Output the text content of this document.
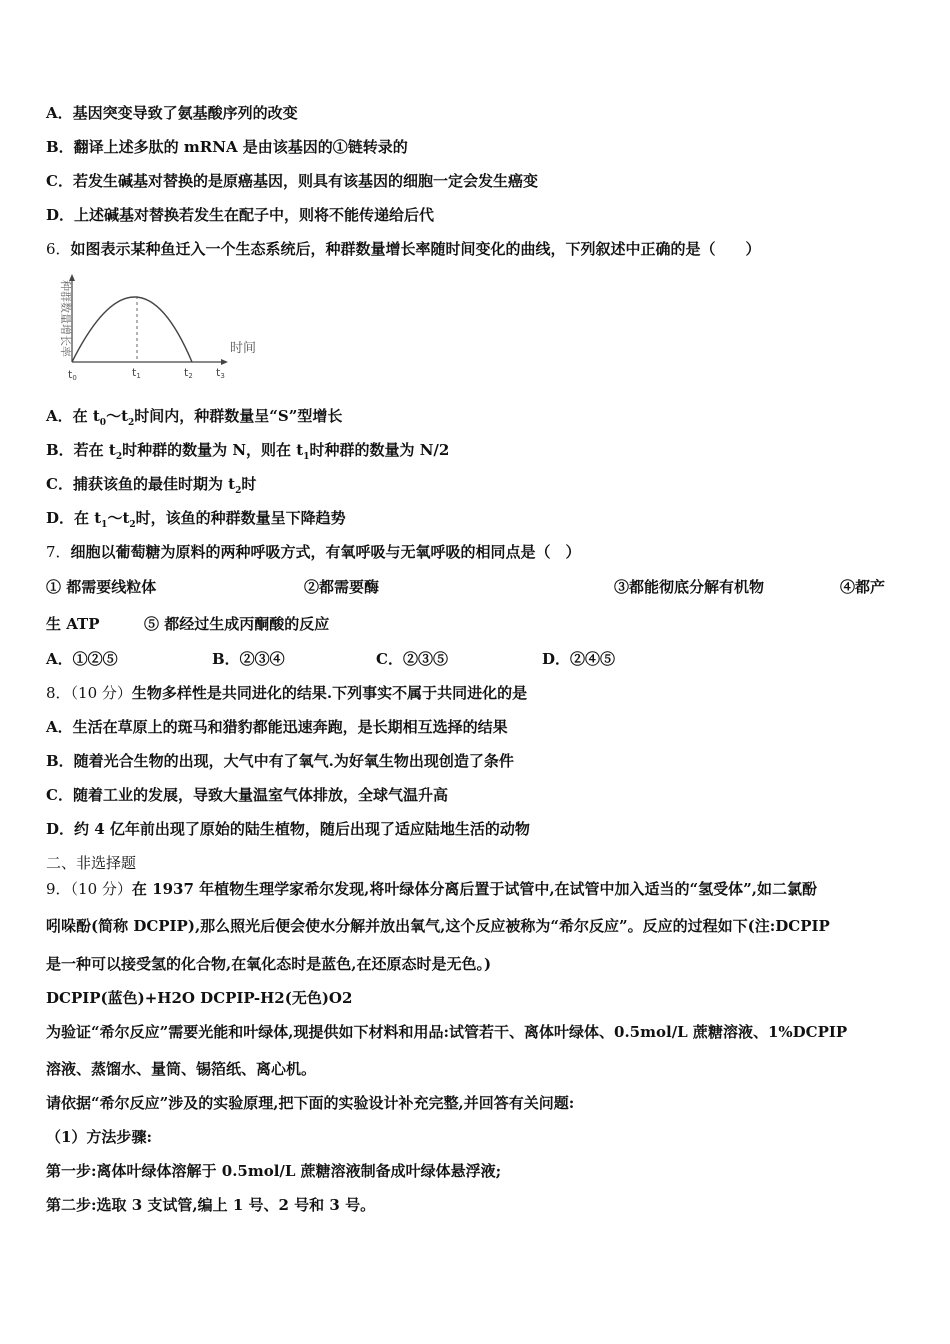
A．基因突变导致了氨基酸序列的改变
B．翻译上述多肽的 mRNA 是由该基因的①链转录的
C．若发生碱基对替换的是原癌基因，则具有该基因的细胞一定会发生癌变
D．上述碱基对替换若发生在配子中，则将不能传递给后代
6．如图表示某种鱼迁入一个生态系统后，种群数量增长率随时间变化的曲线，下列叙述中正确的是（　　）
种群数量增长率	时间
t0	t1	t2 t3
A．在 $t_0\sim t_2$时间内，种群数量呈“S”型增长
B．若在 $t_2$时种群的数量为 N，则在 $t_1$时种群的数量为 N/2
C．捕获该鱼的最佳时期为 $t_2$时
D．在 $t_1\sim t_2$时，该鱼的种群数量呈下降趋势
7．细胞以葡萄糖为原料的两种呼吸方式，有氧呼吸与无氧呼吸的相同点是（　）
① 都需要线粒体	②都需要酶	③都能彻底分解有机物	④都产
生 ATP	⑤ 都经过生成丙酮酸的反应
A．①②⑤	B．②③④	C．②③⑤	D．②④⑤
8．（10 分）生物多样性是共同进化的结果.下列事实不属于共同进化的是
A．生活在草原上的斑马和猎豹都能迅速奔跑，是长期相互选择的结果
B．随着光合生物的出现，大气中有了氧气.为好氧生物出现创造了条件
C．随着工业的发展，导致大量温室气体排放，全球气温升高
D．约 4 亿年前出现了原始的陆生植物，随后出现了适应陆地生活的动物
二、非选择题
9．（10 分）在 1937 年植物生理学家希尔发现,将叶绿体分离后置于试管中,在试管中加入适当的“氢受体”,如二氯酚
吲哚酚(简称 DCPIP),那么照光后便会使水分解并放出氧气,这个反应被称为“希尔反应”。反应的过程如下(注:DCPIP
是一种可以接受氢的化合物,在氧化态时是蓝色,在还原态时是无色。)
DCPIP(蓝色)+H2O DCPIP-H2(无色)O2
为验证“希尔反应”需要光能和叶绿体,现提供如下材料和用品:试管若干、离体叶绿体、0.5mol/L 蔗糖溶液、1%DCPIP
溶液、蒸馏水、量筒、锡箔纸、离心机。
请依据“希尔反应”涉及的实验原理,把下面的实验设计补充完整,并回答有关问题:
（1）方法步骤:
第一步:离体叶绿体溶解于 0.5mol/L 蔗糖溶液制备成叶绿体悬浮液;
第二步:选取 3 支试管,编上 1 号、2 号和 3 号。
